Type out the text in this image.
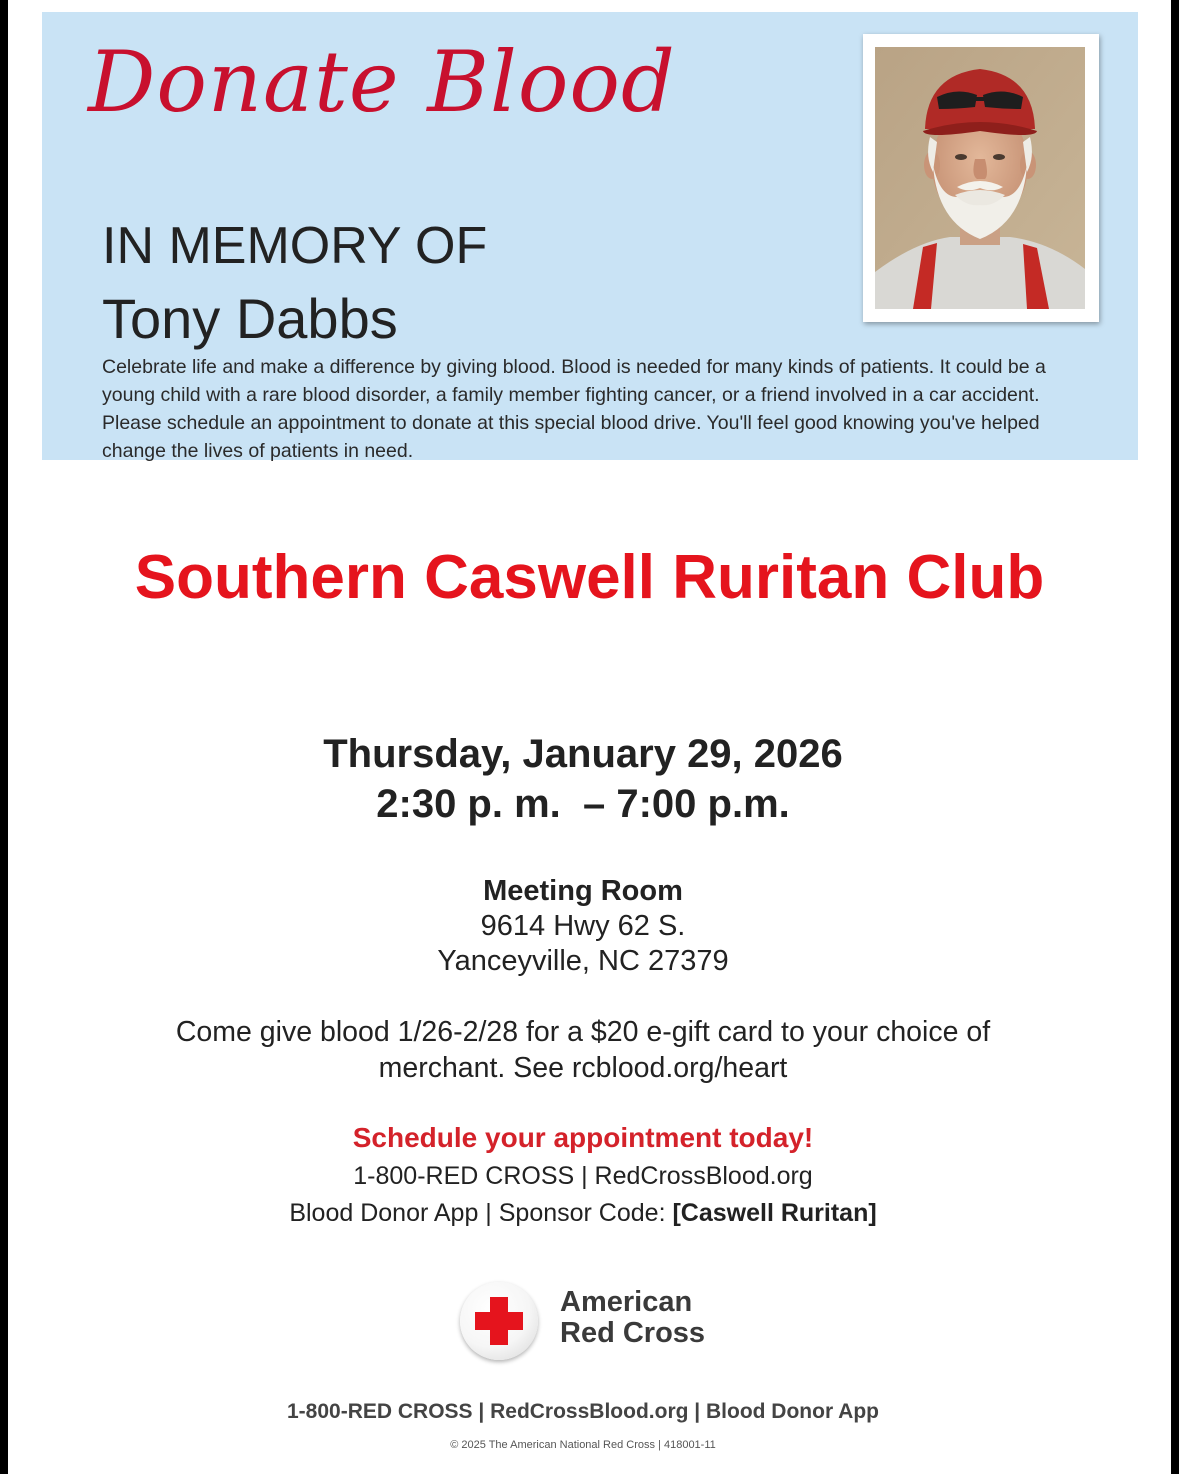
Donate Blood
IN MEMORY OF
Tony Dabbs

Celebrate life and make a difference by giving blood. Blood is needed for many kinds of patients. It could be a young child with a rare blood disorder, a family member fighting cancer, or a friend involved in a car accident. Please schedule an appointment to donate at this special blood drive. You'll feel good knowing you've helped change the lives of patients in need.

Southern Caswell Ruritan Club

Thursday, January 29, 2026

2:30 p. m.  – 7:00 p.m.

Meeting Room
9614 Hwy 62 S.
Yanceyville, NC 27379

Come give blood 1/26-2/28 for a $20 e-gift card to your choice of merchant. See rcblood.org/heart

Schedule your appointment today!

1-800-RED CROSS | RedCrossBlood.org
Blood Donor App | Sponsor Code: [Caswell Ruritan]
American
Red Cross

1-800-RED CROSS | RedCrossBlood.org | Blood Donor App

© 2025 The American National Red Cross | 418001-11
